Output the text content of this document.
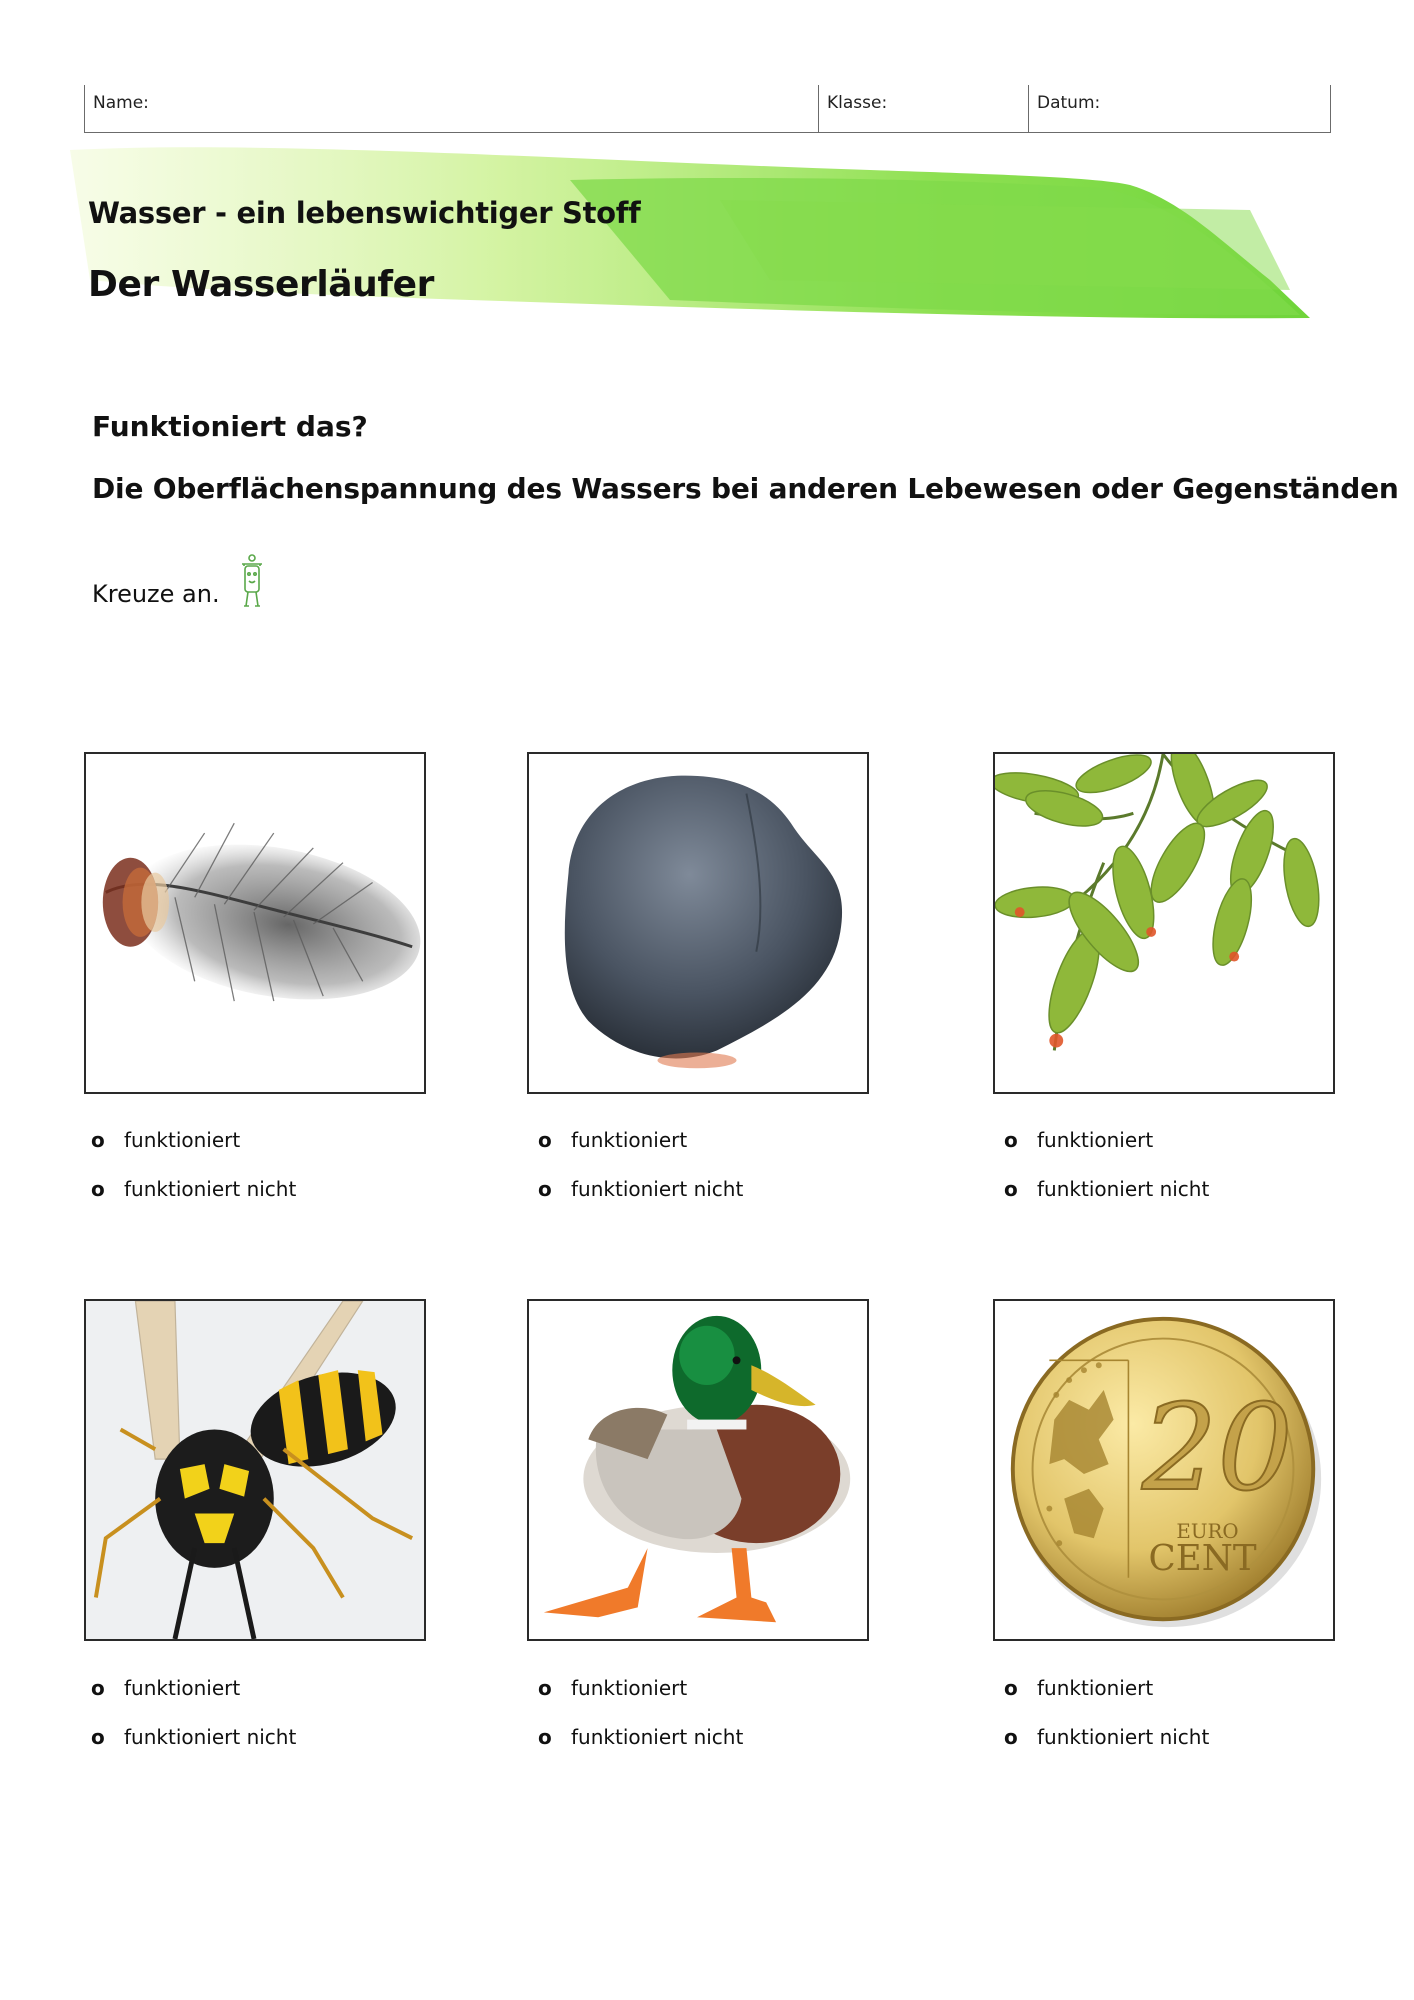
Name:	Klasse:	Datum:
Wasser - ein lebenswichtiger Stoff
Der Wasserläufer
Funktioniert das?
Die Oberflächenspannung des Wassers bei anderen Lebewesen oder Gegenständen
Kreuze an.
20
EURO
CENT
o funktioniert
o funktioniert nicht
o funktioniert
o funktioniert nicht
o funktioniert
o funktioniert nicht
o funktioniert
o funktioniert nicht
o funktioniert
o funktioniert nicht
o funktioniert
o funktioniert nicht
